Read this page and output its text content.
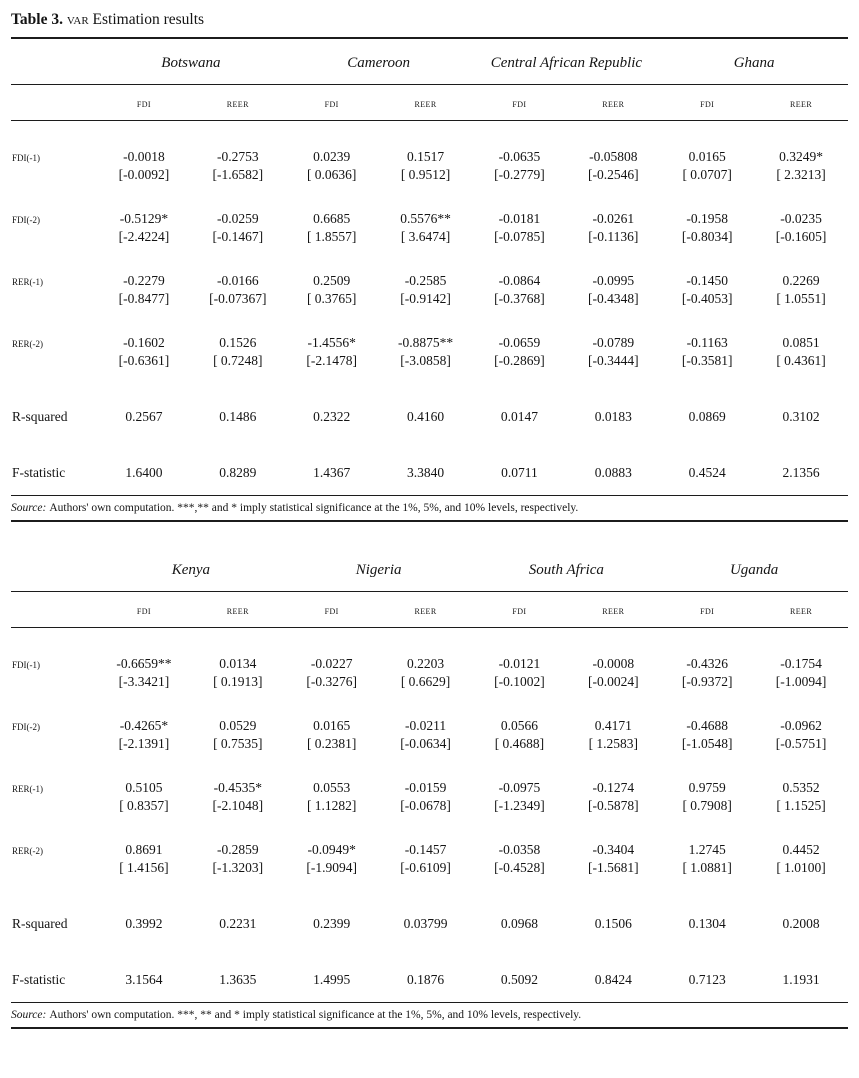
Table 3. VAR Estimation results
	Botswana		Cameroon		Central African Republic		Ghana	
	FDI	REER	FDI	REER	FDI	REER	FDI	REER
FDI(-1)	-0.0018	-0.2753	0.0239	0.1517	-0.0635	-0.05808	0.0165	0.3249*
	[-0.0092]	[-1.6582]	[ 0.0636]	[ 0.9512]	[-0.2779]	[-0.2546]	[ 0.0707]	[ 2.3213]
FDI(-2)	-0.5129*	-0.0259	0.6685	0.5576**	-0.0181	-0.0261	-0.1958	-0.0235
	[-2.4224]	[-0.1467]	[ 1.8557]	[ 3.6474]	[-0.0785]	[-0.1136]	[-0.8034]	[-0.1605]
RER(-1)	-0.2279	-0.0166	0.2509	-0.2585	-0.0864	-0.0995	-0.1450	0.2269
	[-0.8477]	[-0.07367]	[ 0.3765]	[-0.9142]	[-0.3768]	[-0.4348]	[-0.4053]	[ 1.0551]
RER(-2)	-0.1602	0.1526	-1.4556*	-0.8875**	-0.0659	-0.0789	-0.1163	0.0851
	[-0.6361]	[ 0.7248]	[-2.1478]	[-3.0858]	[-0.2869]	[-0.3444]	[-0.3581]	[ 0.4361]
R-squared	0.2567	0.1486	0.2322	0.4160	0.0147	0.0183	0.0869	0.3102
F-statistic	1.6400	0.8289	1.4367	3.3840	0.0711	0.0883	0.4524	2.1356

Source: Authors' own computation. ***,** and * imply statistical significance at the 1%, 5%, and 10% levels, respectively.

	Kenya		Nigeria		South Africa		Uganda	
	FDI	REER	FDI	REER	FDI	REER	FDI	REER
FDI(-1)	-0.6659**	0.0134	-0.0227	0.2203	-0.0121	-0.0008	-0.4326	-0.1754
	[-3.3421]	[ 0.1913]	[-0.3276]	[ 0.6629]	[-0.1002]	[-0.0024]	[-0.9372]	[-1.0094]
FDI(-2)	-0.4265*	0.0529	0.0165	-0.0211	0.0566	0.4171	-0.4688	-0.0962
	[-2.1391]	[ 0.7535]	[ 0.2381]	[-0.0634]	[ 0.4688]	[ 1.2583]	[-1.0548]	[-0.5751]
RER(-1)	0.5105	-0.4535*	0.0553	-0.0159	-0.0975	-0.1274	0.9759	0.5352
	[ 0.8357]	[-2.1048]	[ 1.1282]	[-0.0678]	[-1.2349]	[-0.5878]	[ 0.7908]	[ 1.1525]
RER(-2)	0.8691	-0.2859	-0.0949*	-0.1457	-0.0358	-0.3404	1.2745	0.4452
	[ 1.4156]	[-1.3203]	[-1.9094]	[-0.6109]	[-0.4528]	[-1.5681]	[ 1.0881]	[ 1.0100]
R-squared	0.3992	0.2231	0.2399	0.03799	0.0968	0.1506	0.1304	0.2008
F-statistic	3.1564	1.3635	1.4995	0.1876	0.5092	0.8424	0.7123	1.1931

Source: Authors' own computation. ***, ** and * imply statistical significance at the 1%, 5%, and 10% levels, respectively.
